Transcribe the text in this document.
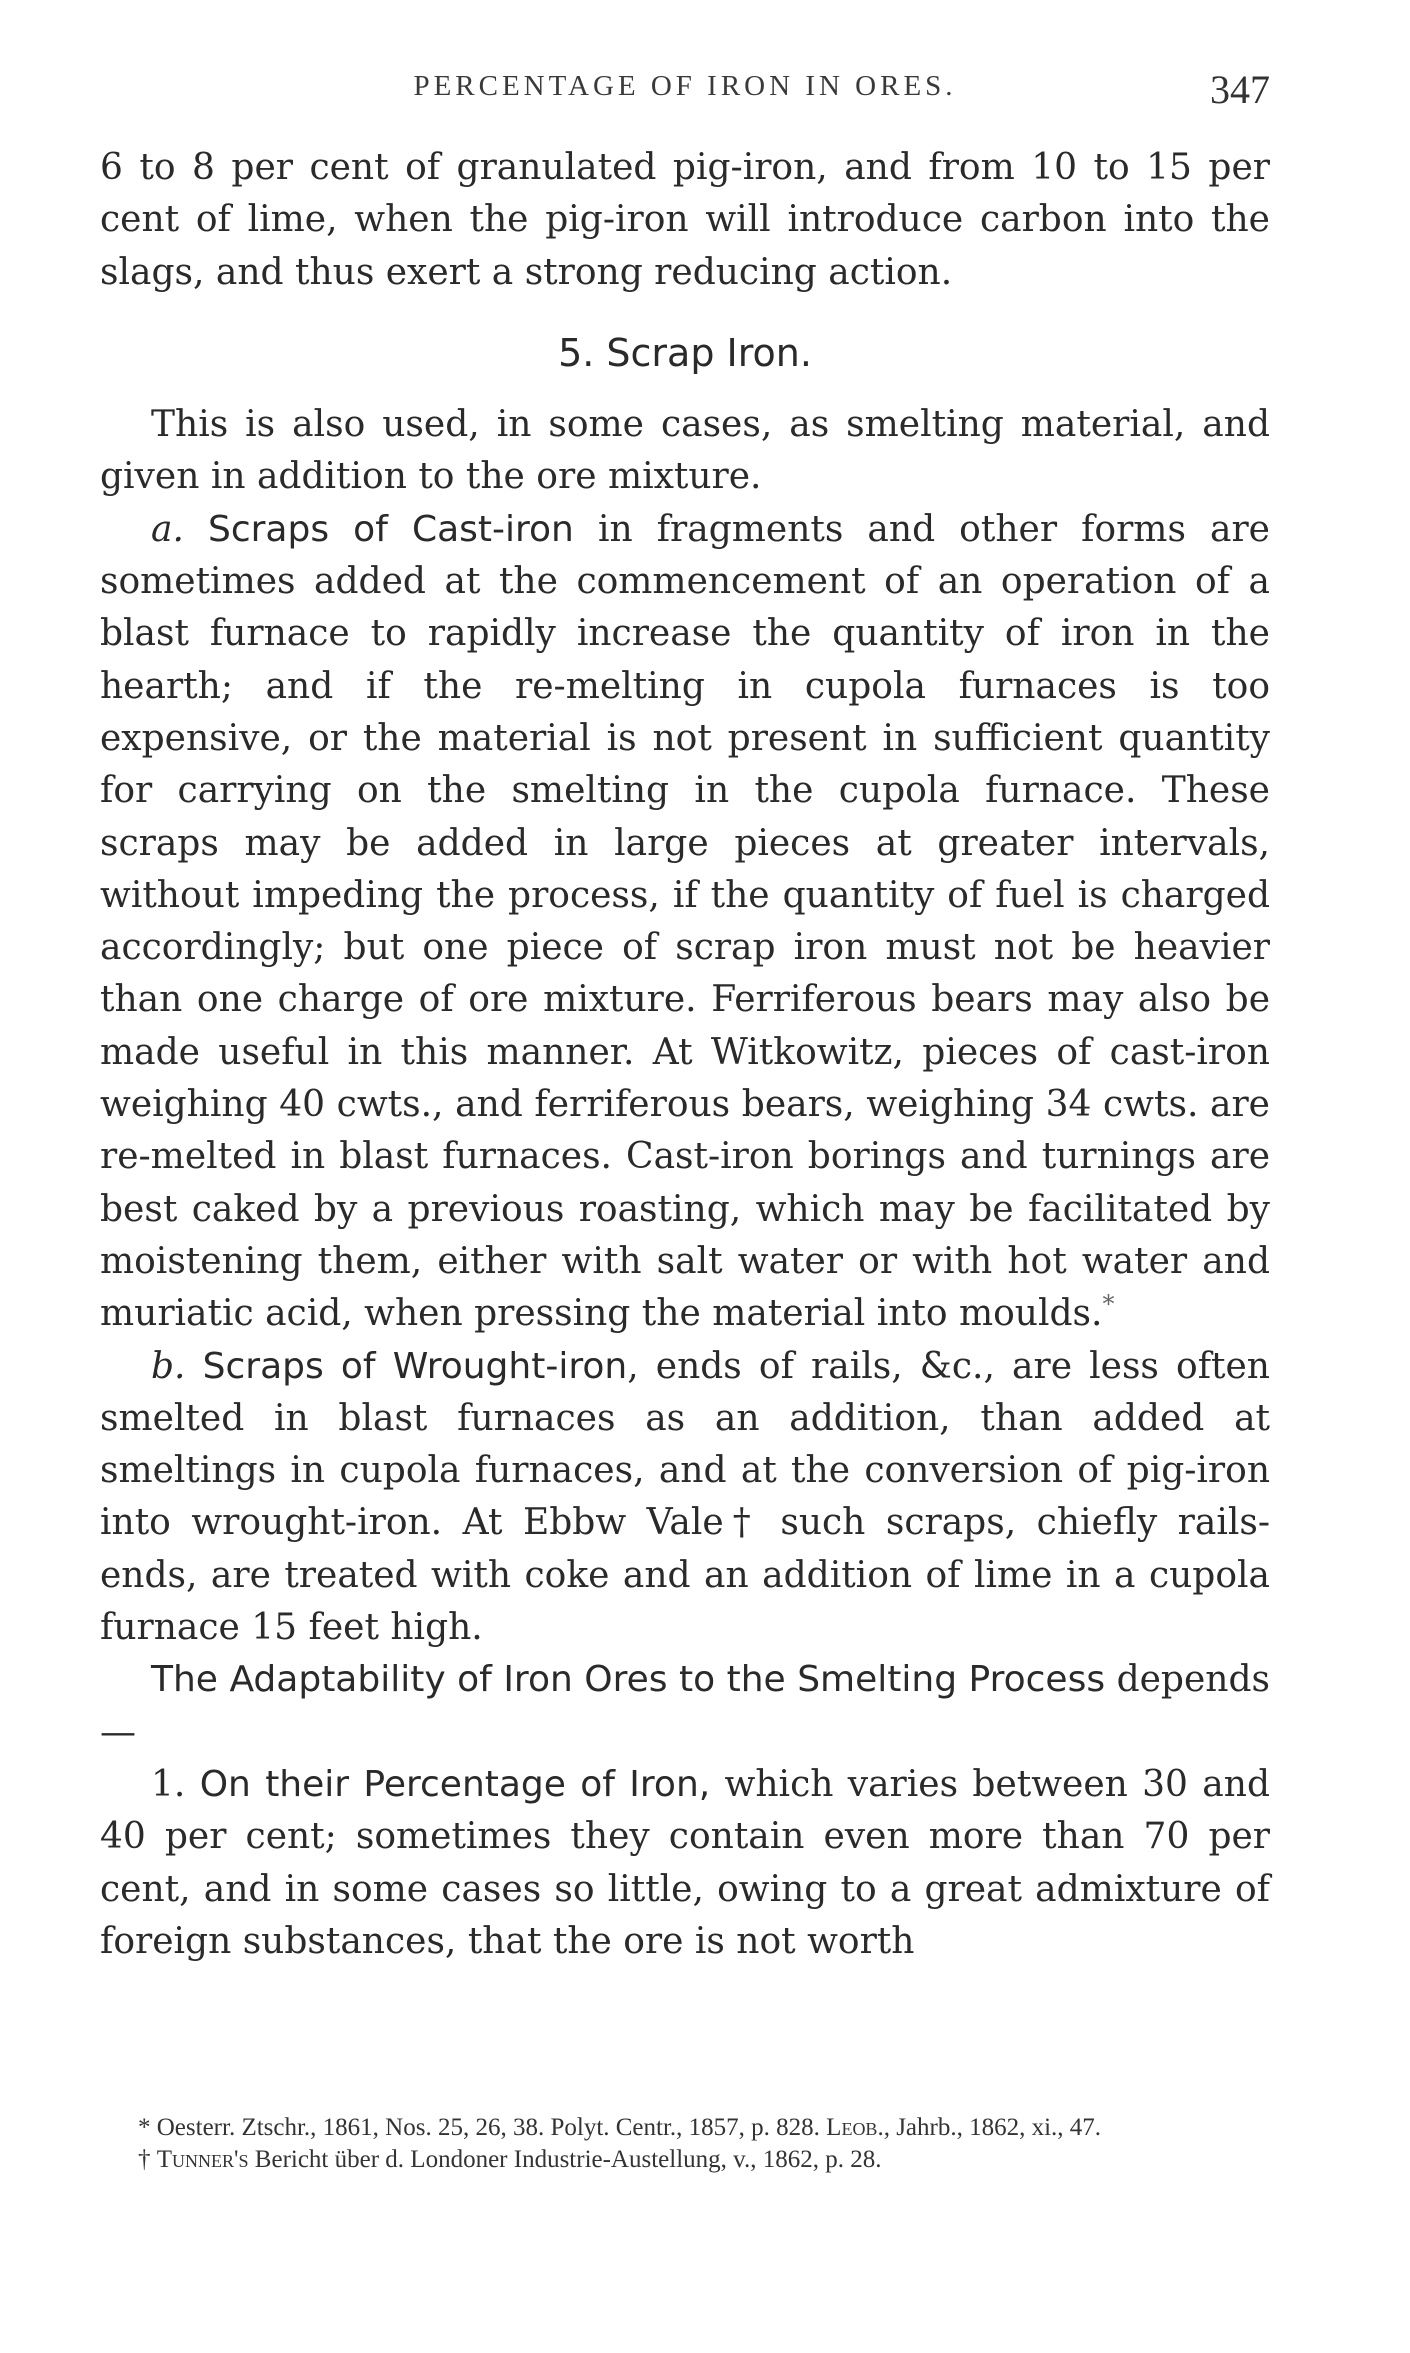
PERCENTAGE OF IRON IN ORES.	347

6 to 8 per cent of granulated pig-iron, and from 10 to 15 per cent of lime, when the pig-iron will introduce carbon into the slags, and thus exert a strong reducing action.

5. Scrap Iron.

This is also used, in some cases, as smelting material, and given in addition to the ore mixture.

a. Scraps of Cast-iron in fragments and other forms are sometimes added at the commencement of an operation of a blast furnace to rapidly increase the quantity of iron in the hearth; and if the re-melting in cupola furnaces is too expensive, or the material is not present in sufficient quantity for carrying on the smelting in the cupola furnace. These scraps may be added in large pieces at greater intervals, without impeding the process, if the quantity of fuel is charged accordingly; but one piece of scrap iron must not be heavier than one charge of ore mixture. Ferriferous bears may also be made useful in this manner. At Witkowitz, pieces of cast-iron weighing 40 cwts., and ferriferous bears, weighing 34 cwts. are re-melted in blast furnaces. Cast-iron borings and turnings are best caked by a previous roasting, which may be facilitated by moistening them, either with salt water or with hot water and muriatic acid, when pressing the material into moulds.*

b. Scraps of Wrought-iron, ends of rails, &c., are less often smelted in blast furnaces as an addition, than added at smeltings in cupola furnaces, and at the conversion of pig-iron into wrought-iron. At Ebbw Vale† such scraps, chiefly rails-ends, are treated with coke and an addition of lime in a cupola furnace 15 feet high.

The Adaptability of Iron Ores to the Smelting Process depends—

1. On their Percentage of Iron, which varies between 30 and 40 per cent; sometimes they contain even more than 70 per cent, and in some cases so little, owing to a great admixture of foreign substances, that the ore is not worth

* Oesterr. Ztschr., 1861, Nos. 25, 26, 38. Polyt. Centr., 1857, p. 828. Leob., Jahrb., 1862, xi., 47.

† Tunner's Bericht über d. Londoner Industrie-Austellung, v., 1862, p. 28.
